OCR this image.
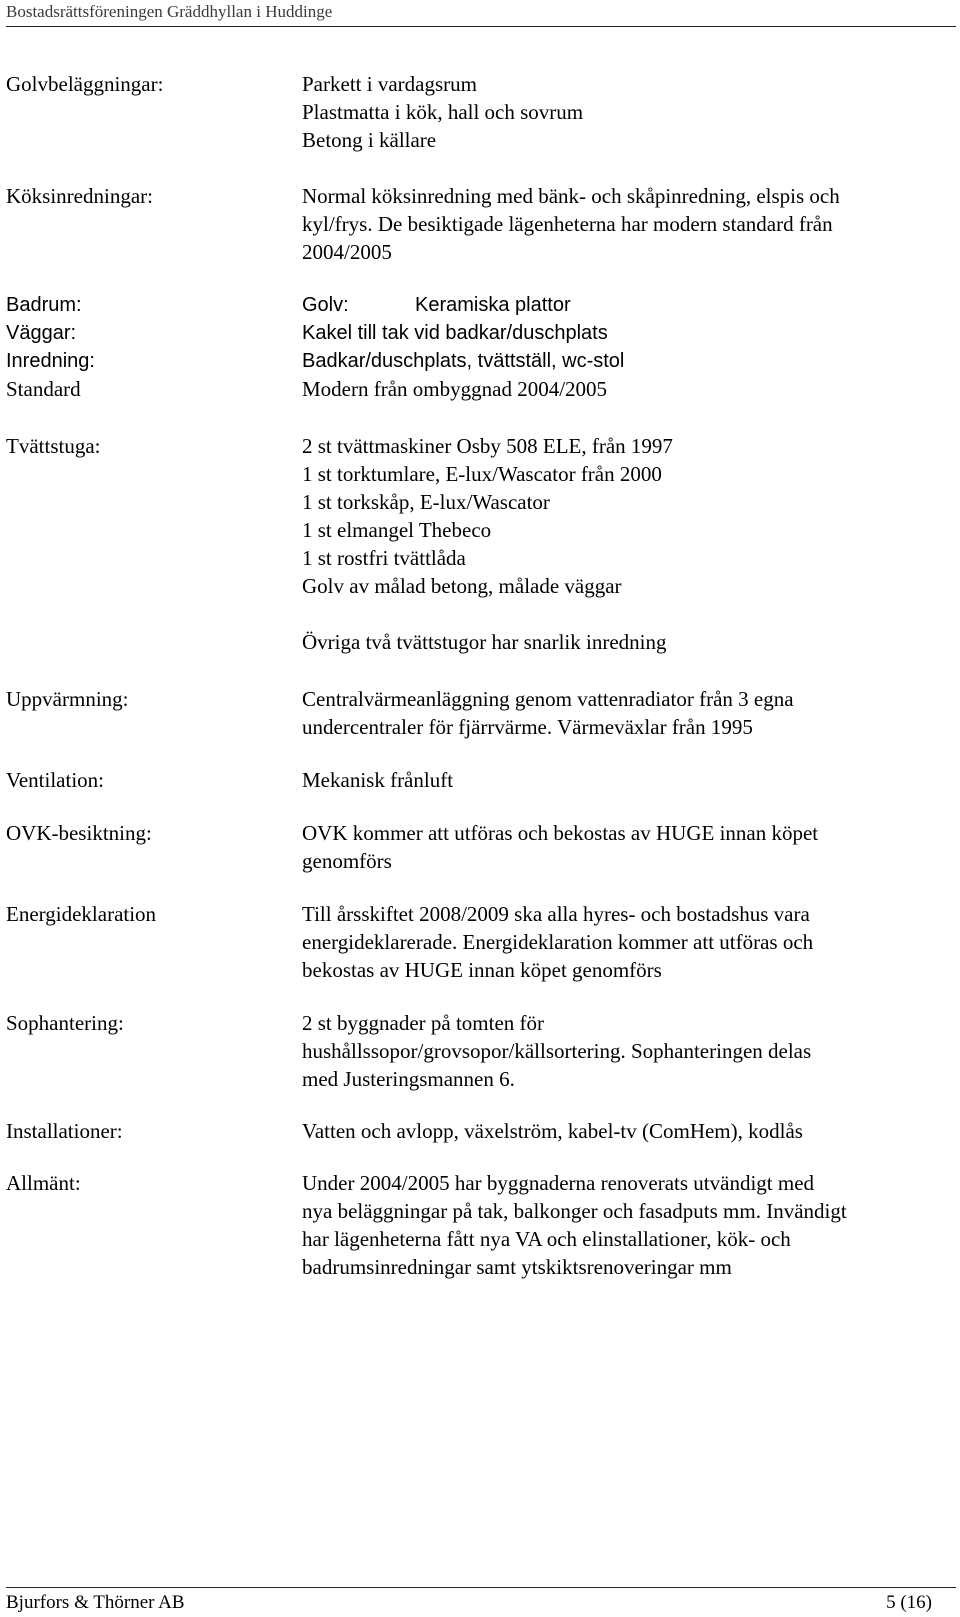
Bostadsrättsföreningen Gräddhyllan i Huddinge
Golvbeläggningar:	Parkett i vardagsrum
Plastmatta i kök, hall och sovrum
Betong i källare
Köksinredningar:	Normal köksinredning med bänk- och skåpinredning, elspis och
kyl/frys. De besiktigade lägenheterna har modern standard från
2004/2005
Badrum:	Golv:	Keramiska plattor
Väggar:	Kakel till tak vid badkar/duschplats
Inredning:	Badkar/duschplats, tvättställ, wc-stol
Standard	Modern från ombyggnad 2004/2005
Tvättstuga:	2 st tvättmaskiner Osby 508 ELE, från 1997
1 st torktumlare, E-lux/Wascator från 2000
1 st torkskåp, E-lux/Wascator
1 st elmangel Thebeco
1 st rostfri tvättlåda
Golv av målad betong, målade väggar
Övriga två tvättstugor har snarlik inredning
Uppvärmning:	Centralvärmeanläggning genom vattenradiator från 3 egna
undercentraler för fjärrvärme. Värmeväxlar från 1995
Ventilation:	Mekanisk frånluft
OVK-besiktning:	OVK kommer att utföras och bekostas av HUGE innan köpet
genomförs
Energideklaration	Till årsskiftet 2008/2009 ska alla hyres- och bostadshus vara
energideklarerade. Energideklaration kommer att utföras och
bekostas av HUGE innan köpet genomförs
Sophantering:	2 st byggnader på tomten för
hushållssopor/grovsopor/källsortering. Sophanteringen delas
med Justeringsmannen 6.
Installationer:	Vatten och avlopp, växelström, kabel-tv (ComHem), kodlås
Allmänt:	Under 2004/2005 har byggnaderna renoverats utvändigt med
nya beläggningar på tak, balkonger och fasadputs mm. Invändigt
har lägenheterna fått nya VA och elinstallationer, kök- och
badrumsinredningar samt ytskiktsrenoveringar mm
Bjurfors & Thörner AB	5 (16)
